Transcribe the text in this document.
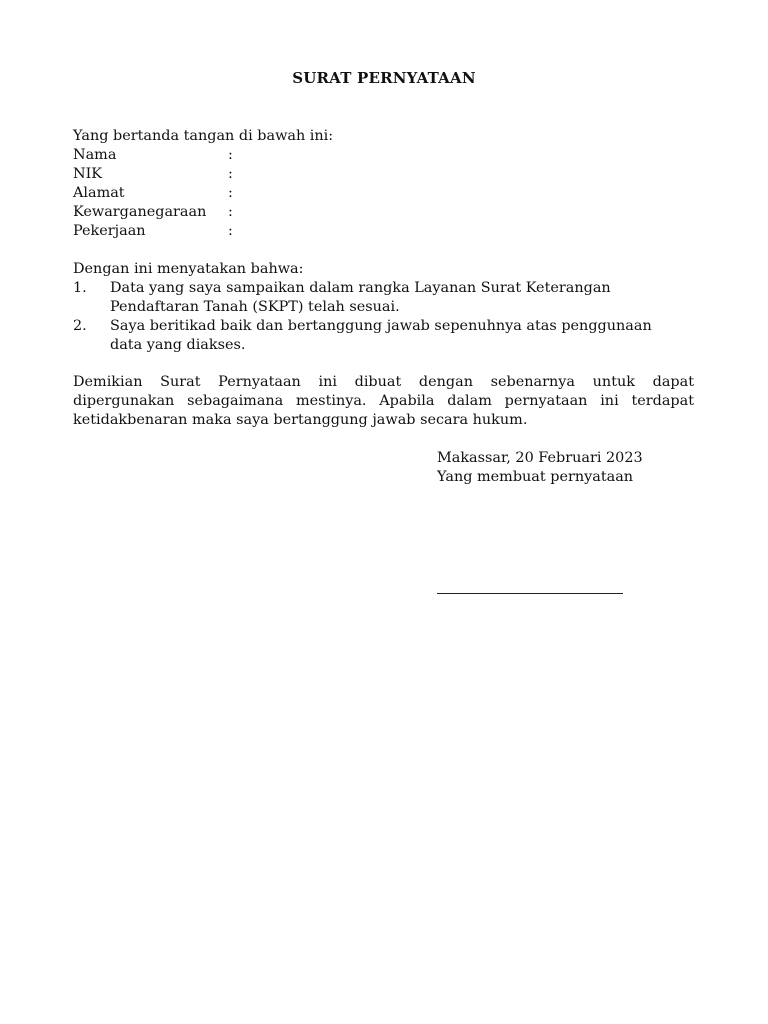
SURAT PERNYATAAN
Yang bertanda tangan di bawah ini:
Nama	:
NIK	:
Alamat	:
Kewarganegaraan :
Pekerjaan	:
Dengan ini menyatakan bahwa:
1. Data yang saya sampaikan dalam rangka Layanan Surat Keterangan
Pendaftaran Tanah (SKPT) telah sesuai.
2. Saya beritikad baik dan bertanggung jawab sepenuhnya atas penggunaan
data yang diakses.
Demikian Surat Pernyataan ini dibuat dengan sebenarnya untuk dapat
dipergunakan sebagaimana mestinya. Apabila dalam pernyataan ini terdapat
ketidakbenaran maka saya bertanggung jawab secara hukum.
Makassar, 20 Februari 2023
Yang membuat pernyataan
